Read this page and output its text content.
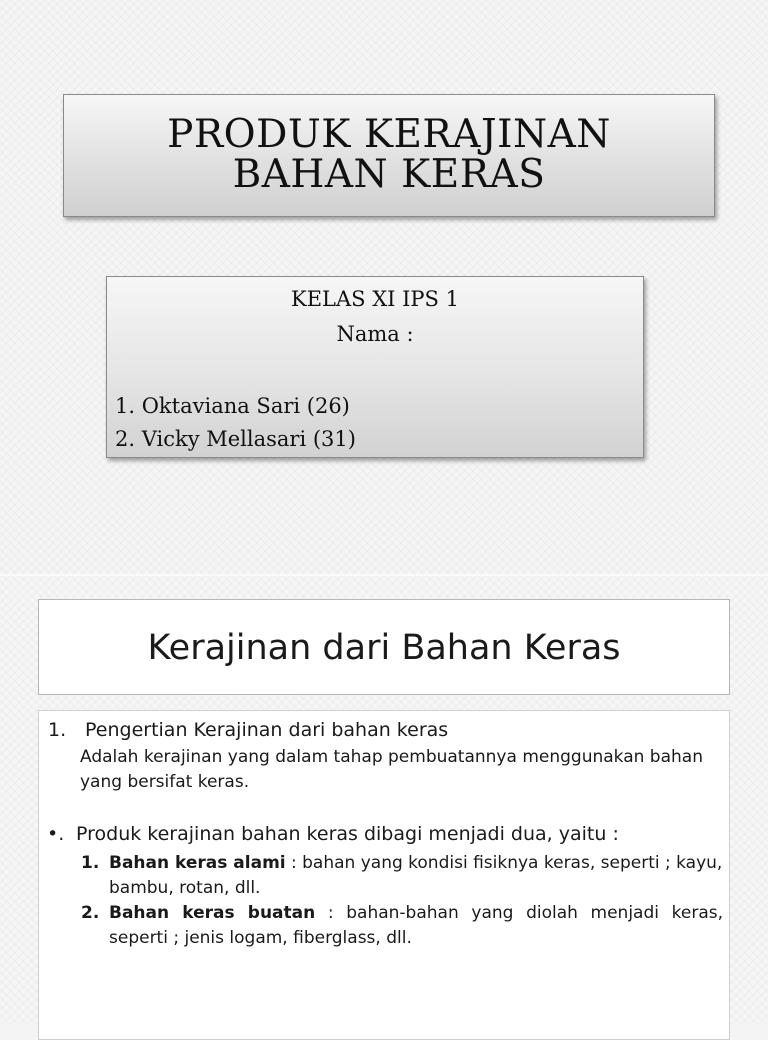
PRODUK KERAJINAN
BAHAN KERAS
KELAS XI IPS 1
Nama :
1. Oktaviana Sari (26)
2. Vicky Mellasari (31)
Kerajinan dari Bahan Keras
1. Pengertian Kerajinan dari bahan keras
Adalah kerajinan yang dalam tahap pembuatannya menggunakan bahan yang bersifat keras.
•. Produk kerajinan bahan keras dibagi menjadi dua, yaitu :
1. Bahan keras alami : bahan yang kondisi fisiknya keras, seperti ; kayu, bambu, rotan, dll.
2. Bahan keras buatan : bahan-bahan yang diolah menjadi keras, seperti ; jenis logam, fiberglass, dll.
